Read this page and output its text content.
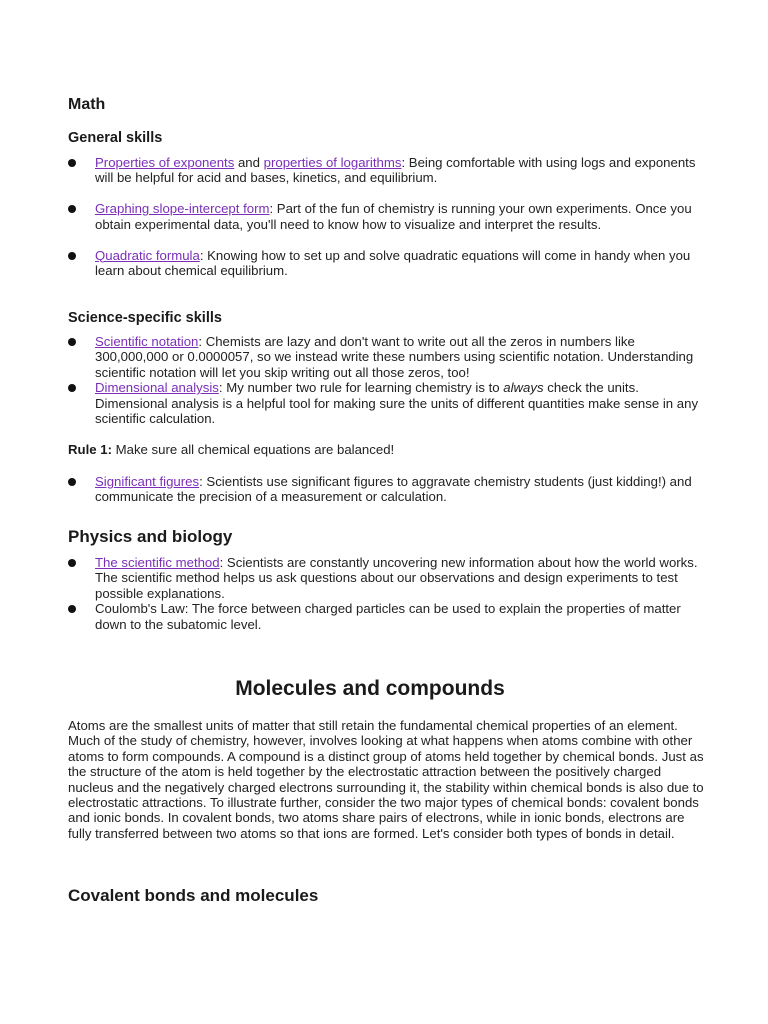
Math
General skills
Properties of exponents and properties of logarithms: Being comfortable with using logs and exponents will be helpful for acid and bases, kinetics, and equilibrium.
Graphing slope-intercept form: Part of the fun of chemistry is running your own experiments. Once you obtain experimental data, you'll need to know how to visualize and interpret the results.
Quadratic formula: Knowing how to set up and solve quadratic equations will come in handy when you learn about chemical equilibrium.
Science-specific skills
Scientific notation: Chemists are lazy and don't want to write out all the zeros in numbers like 300,000,000 or 0.0000057, so we instead write these numbers using scientific notation. Understanding scientific notation will let you skip writing out all those zeros, too!
Dimensional analysis: My number two rule for learning chemistry is to always check the units. Dimensional analysis is a helpful tool for making sure the units of different quantities make sense in any scientific calculation.

Rule 1: Make sure all chemical equations are balanced!

Significant figures: Scientists use significant figures to aggravate chemistry students (just kidding!) and communicate the precision of a measurement or calculation.
Physics and biology
The scientific method: Scientists are constantly uncovering new information about how the world works. The scientific method helps us ask questions about our observations and design experiments to test possible explanations.
Coulomb's Law: The force between charged particles can be used to explain the properties of matter down to the subatomic level.
Molecules and compounds

Atoms are the smallest units of matter that still retain the fundamental chemical properties of an element. Much of the study of chemistry, however, involves looking at what happens when atoms combine with other atoms to form compounds. A compound is a distinct group of atoms held together by chemical bonds. Just as the structure of the atom is held together by the electrostatic attraction between the positively charged nucleus and the negatively charged electrons surrounding it, the stability within chemical bonds is also due to electrostatic attractions. To illustrate further, consider the two major types of chemical bonds: covalent bonds and ionic bonds. In covalent bonds, two atoms share pairs of electrons, while in ionic bonds, electrons are fully transferred between two atoms so that ions are formed. Let's consider both types of bonds in detail.

Covalent bonds and molecules
